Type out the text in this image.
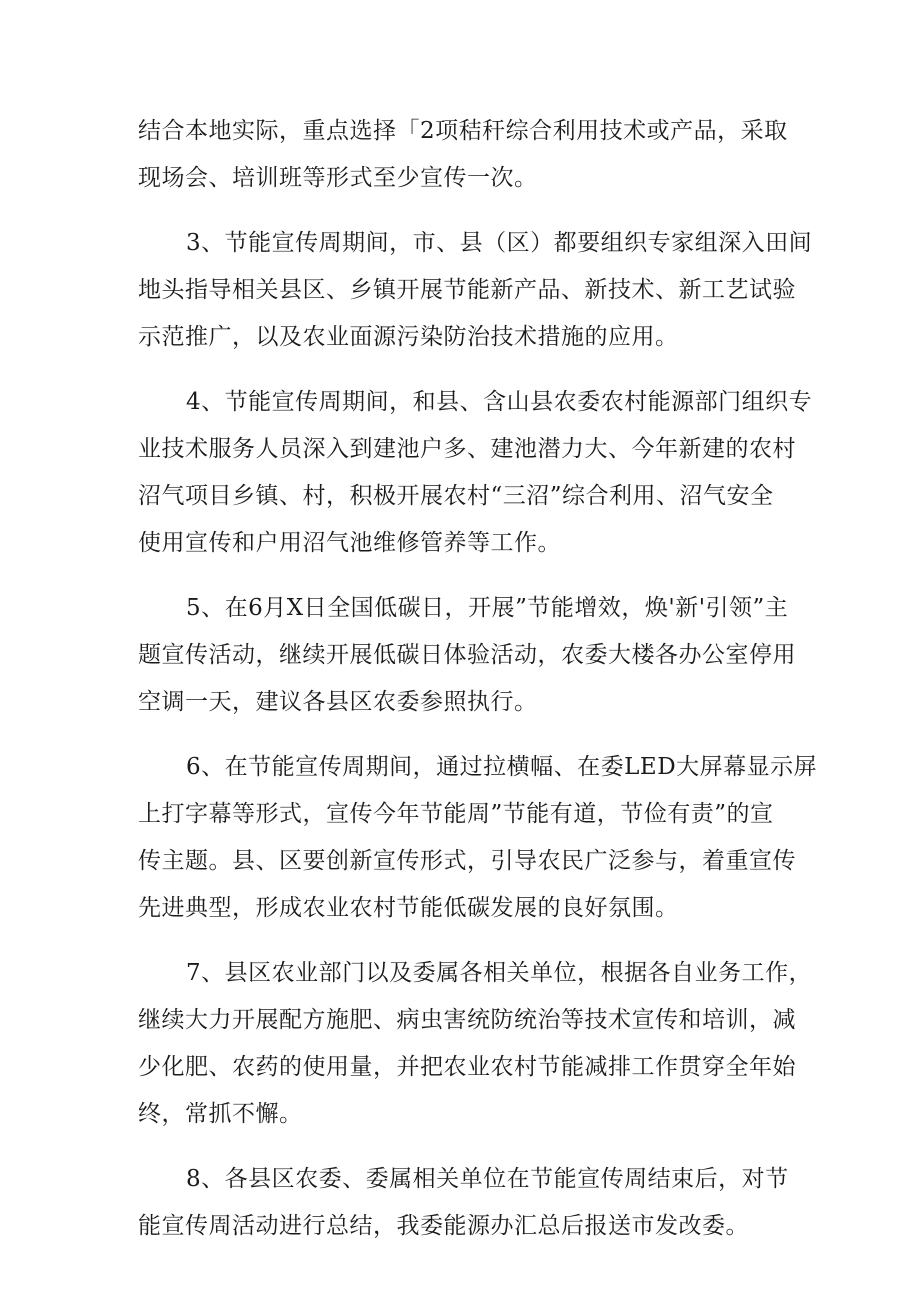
结合本地实际，重点选择「2项秸秆综合利用技术或产品，采取
现场会、培训班等形式至少宣传一次。
3、节能宣传周期间，市、县（区）都要组织专家组深入田间
地头指导相关县区、乡镇开展节能新产品、新技术、新工艺试验
示范推广，以及农业面源污染防治技术措施的应用。
4、节能宣传周期间，和县、含山县农委农村能源部门组织专
业技术服务人员深入到建池户多、建池潜力大、今年新建的农村
沼气项目乡镇、村，积极开展农村“三沼”综合利用、沼气安全
使用宣传和户用沼气池维修管养等工作。
5、在6月X日全国低碳日，开展”节能增效，焕'新'引领”主
题宣传活动，继续开展低碳日体验活动，农委大楼各办公室停用
空调一天，建议各县区农委参照执行。
6、在节能宣传周期间，通过拉横幅、在委LED大屏幕显示屏
上打字幕等形式，宣传今年节能周”节能有道，节俭有责”的宣
传主题。县、区要创新宣传形式，引导农民广泛参与，着重宣传
先进典型，形成农业农村节能低碳发展的良好氛围。
7、县区农业部门以及委属各相关单位，根据各自业务工作，
继续大力开展配方施肥、病虫害统防统治等技术宣传和培训，减
少化肥、农药的使用量，并把农业农村节能减排工作贯穿全年始
终，常抓不懈。
8、各县区农委、委属相关单位在节能宣传周结束后，对节
能宣传周活动进行总结，我委能源办汇总后报送市发改委。
